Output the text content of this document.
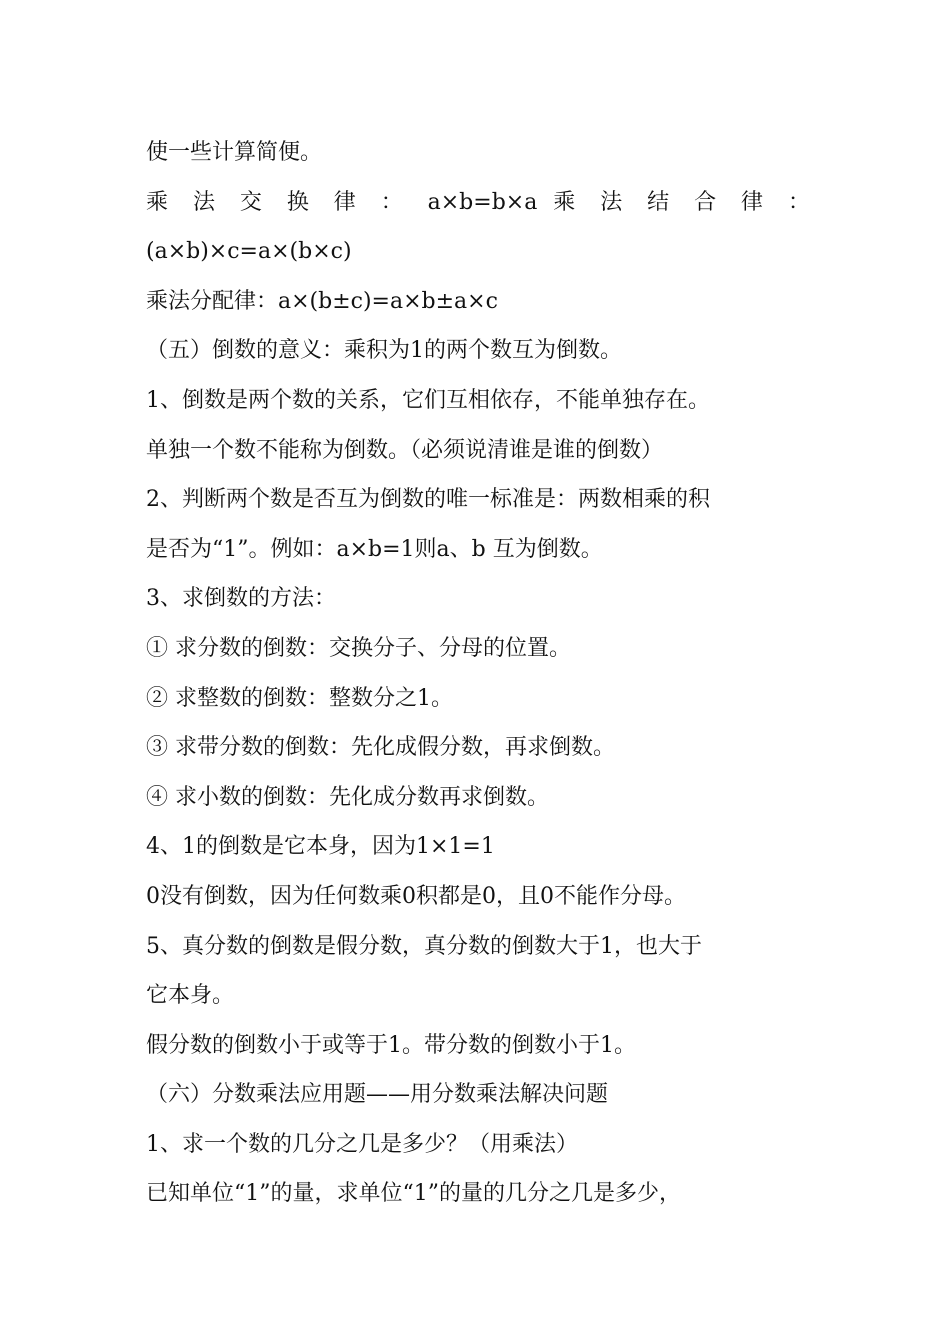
使一些计算简便。
乘 法 交 换 律 ： a×b=b×a 乘 法 结 合 律 ：
(a×b)×c=a×(b×c)
乘法分配律：a×(b±c)=a×b±a×c
（五）倒数的意义：乘积为1的两个数互为倒数。
1、倒数是两个数的关系，它们互相依存，不能单独存在。
单独一个数不能称为倒数。（必须说清谁是谁的倒数）
2、判断两个数是否互为倒数的唯一标准是：两数相乘的积
是否为“1”。例如：a×b=1则a、b 互为倒数。
3、求倒数的方法：
① 求分数的倒数：交换分子、分母的位置。
② 求整数的倒数：整数分之1。
③ 求带分数的倒数：先化成假分数，再求倒数。
④ 求小数的倒数：先化成分数再求倒数。
4、1的倒数是它本身，因为1×1=1
0没有倒数，因为任何数乘0积都是0，且0不能作分母。
5、真分数的倒数是假分数，真分数的倒数大于1，也大于
它本身。
假分数的倒数小于或等于1。带分数的倒数小于1。
（六）分数乘法应用题——用分数乘法解决问题
1、求一个数的几分之几是多少？（用乘法）
已知单位“1”的量，求单位“1”的量的几分之几是多少，
